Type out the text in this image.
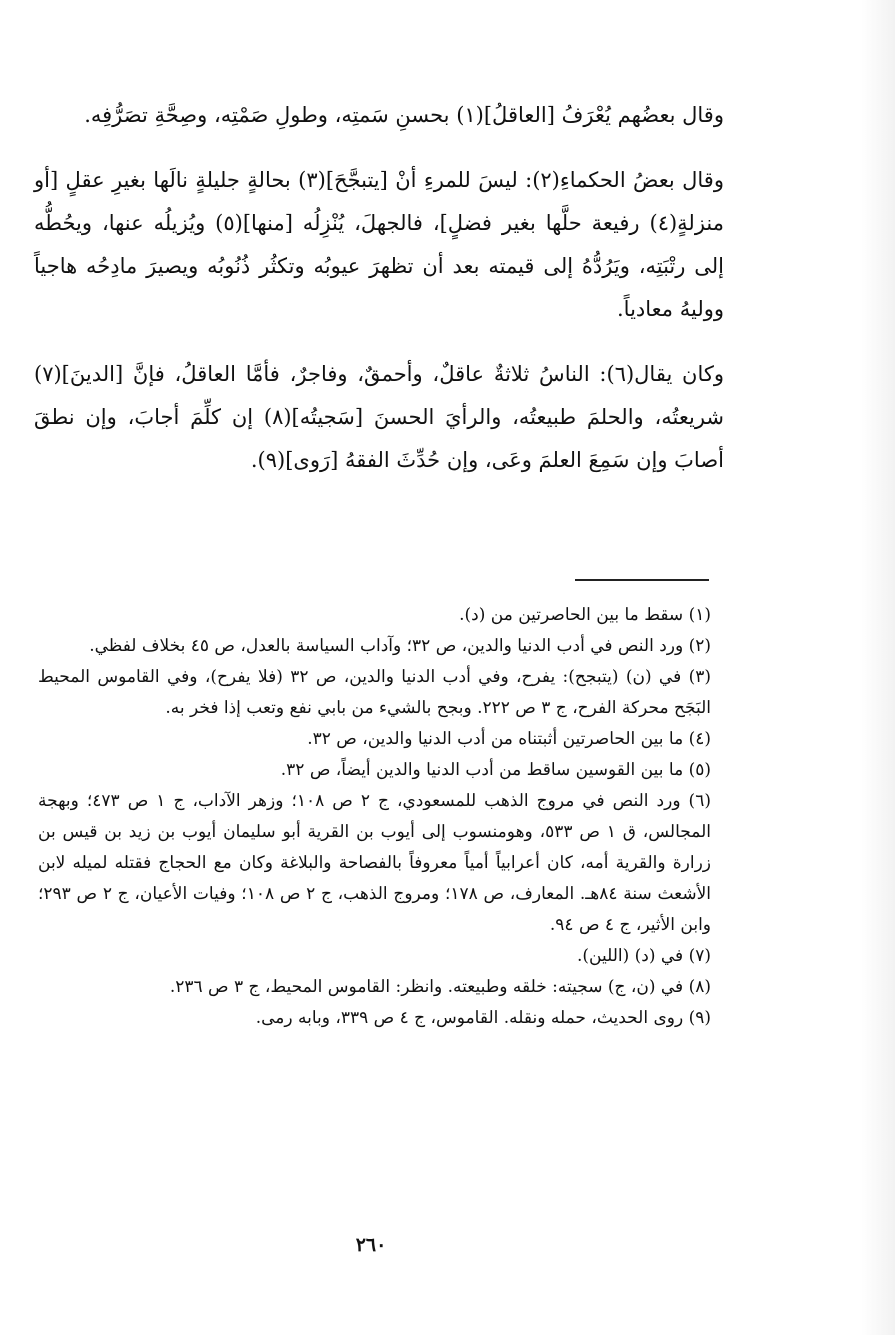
وقال بعضُهم يُعْرَفُ [العاقلُ](١) بحسنِ سَمتِه، وطولِ صَمْتِه، وصِحَّةِ تصَرُّفِه.

وقال بعضُ الحكماءِ(٢): ليسَ للمرءِ أنْ [يتبجَّحَ](٣) بحالةٍ جليلةٍ نالَها بغيرِ عقلٍ [أو منزلةٍ(٤) رفيعة حلَّها بغير فضلٍ]، فالجهلَ، يُنْزِلُه [منها](٥) ويُزيلُه عنها، ويحُطُّه إلى رتْبَتِه، ويَرُدُّهُ إلى قيمته بعد أن تظهرَ عيوبُه وتكثُر ذُنُوبُه ويصيرَ مادِحُه هاجياً ووليهُ معادياً.

وكان يقال(٦): الناسُ ثلاثةٌ عاقلٌ، وأحمقٌ، وفاجرٌ، فأمَّا العاقلُ، فإنَّ [الدينَ](٧) شريعتُه، والحلمَ طبيعتُه، والرأيَ الحسنَ [سَجيتُه](٨) إن كلِّمَ أجابَ، وإن نطقَ أصابَ وإن سَمِعَ العلمَ وعَى، وإن حُدِّثَ الفقهُ [رَوى](٩).

(١) سقط ما بين الحاصرتين من (د).
(٢) ورد النص في أدب الدنيا والدين، ص ٣٢؛ وآداب السياسة بالعدل، ص ٤٥ بخلاف لفظي.
(٣) في (ن) (يتبجح): يفرح، وفي أدب الدنيا والدين، ص ٣٢ (فلا يفرح)، وفي القاموس المحيط البَجَح محركة الفرح، ج ٣ ص ٢٢٢. وبجح بالشيء من بابي نفع وتعب إذا فخر به.
(٤) ما بين الحاصرتين أثبتناه من أدب الدنيا والدين، ص ٣٢.
(٥) ما بين القوسين ساقط من أدب الدنيا والدين أيضاً، ص ٣٢.
(٦) ورد النص في مروج الذهب للمسعودي، ج ٢ ص ١٠٨؛ وزهر الآداب، ج ١ ص ٤٧٣؛ وبهجة المجالس، ق ١ ص ٥٣٣، وهومنسوب إلى أيوب بن القرية أبو سليمان أيوب بن زيد بن قيس بن زرارة والقرية أمه، كان أعرابياً أمياً معروفاً بالفصاحة والبلاغة وكان مع الحجاج فقتله لميله لابن الأشعث سنة ٨٤هـ. المعارف، ص ١٧٨؛ ومروج الذهب، ج ٢ ص ١٠٨؛ وفيات الأعيان، ج ٢ ص ٢٩٣؛ وابن الأثير، ج ٤ ص ٩٤.
(٧) في (د) (اللين).
(٨) في (ن، ج) سجيته: خلقه وطبيعته. وانظر: القاموس المحيط، ج ٣ ص ٢٣٦.
(٩) روى الحديث، حمله ونقله. القاموس، ج ٤ ص ٣٣٩، وبابه رمى.
٢٦٠
